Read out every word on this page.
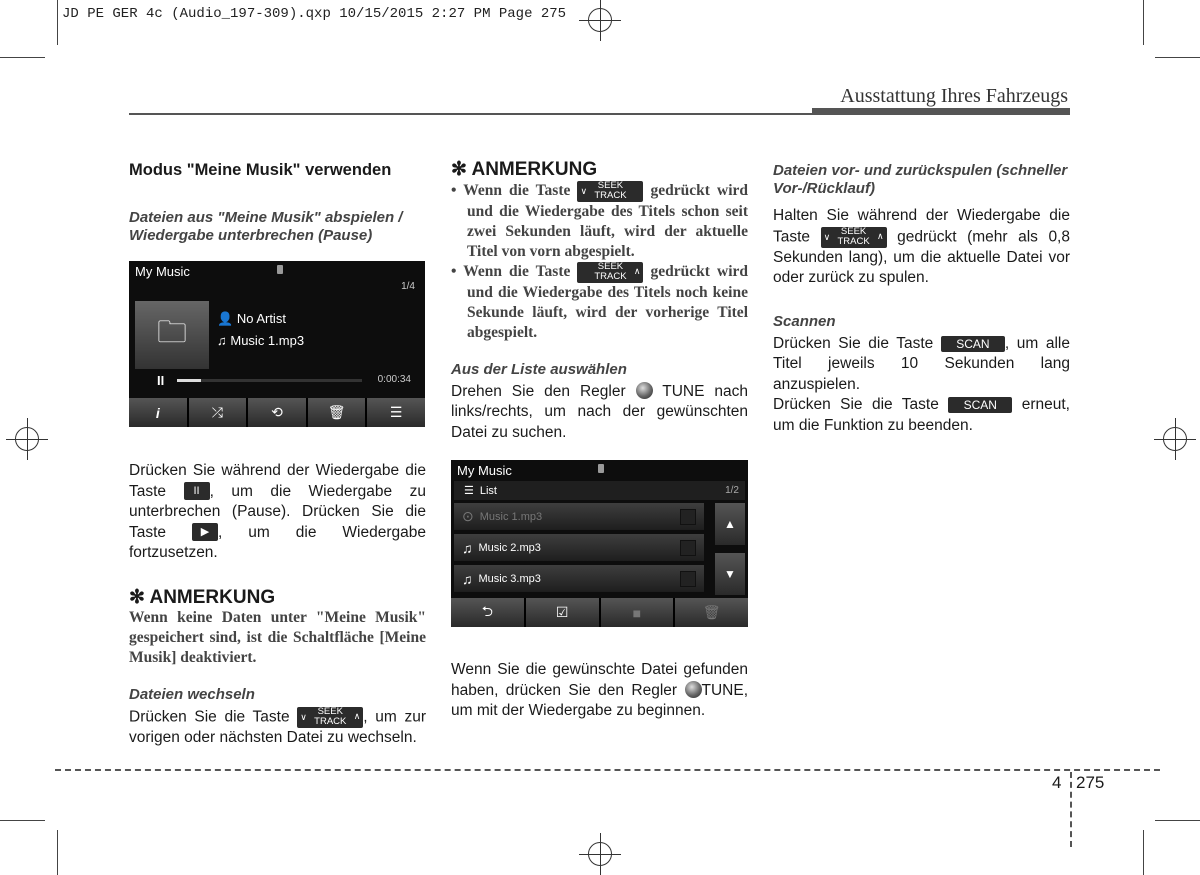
JD PE GER 4c (Audio_197-309).qxp 10/15/2015 2:27 PM Page 275
Ausstattung Ihres Fahrzeugs
Modus "Meine Musik" verwenden
Dateien aus "Meine Musik" abspielen / Wiedergabe unterbrechen (Pause)
My Music
1/4
🗀 👤 No Artist
♫ Music 1.mp3
II	0:00:34
i	⤮	⟲	🗑	☰
Drücken Sie während der Wiedergabe die Taste II , um die Wiedergabe zu unterbrechen (Pause). Drücken Sie die Taste	▶ , um die Wiedergabe fortzusetzen.
✻ ANMERKUNG
Wenn keine Daten unter "Meine Musik" gespeichert sind, ist die Schaltfläche [Meine Musik] deaktiviert.
Dateien wechseln
Drücken Sie die Taste ∨	SEEK
TRACK ∧ , um zur vorigen oder nächsten Datei zu wechseln.
✻ ANMERKUNG
• Wenn die Taste ∨	SEEK
TRACK	gedrückt wird und die Wiedergabe des Titels schon seit zwei Sekunden läuft, wird der aktuelle Titel von vorn abgespielt.
• Wenn die Taste	SEEK
TRACK ∧ gedrückt wird und die Wiedergabe des Titels noch keine Sekunde läuft, wird der vorherige Titel abgespielt.
Aus der Liste auswählen
Drehen Sie den Regler TUNE nach links/rechts, um nach der gewünschten Datei zu suchen.
My Music
☰ List	1/2
⊙ Music 1.mp3
♫ Music 2.mp3
♫ Music 3.mp3
▲
▼
⮌	☑	■	🗑
Wenn Sie die gewünschte Datei gefunden haben, drücken Sie den Regler TUNE, um mit der Wiedergabe zu beginnen.
Dateien vor- und zurückspulen (schneller Vor-/Rücklauf)
Halten Sie während der Wiedergabe die Taste ∨	SEEK
TRACK ∧ gedrückt (mehr als 0,8 Sekunden lang), um die aktuelle Datei vor oder zurück zu spulen.
Scannen
Drücken Sie die Taste SCAN , um alle Titel jeweils 10 Sekunden lang anzuspielen.
Drücken Sie die Taste SCAN erneut, um die Funktion zu beenden.
4 275
